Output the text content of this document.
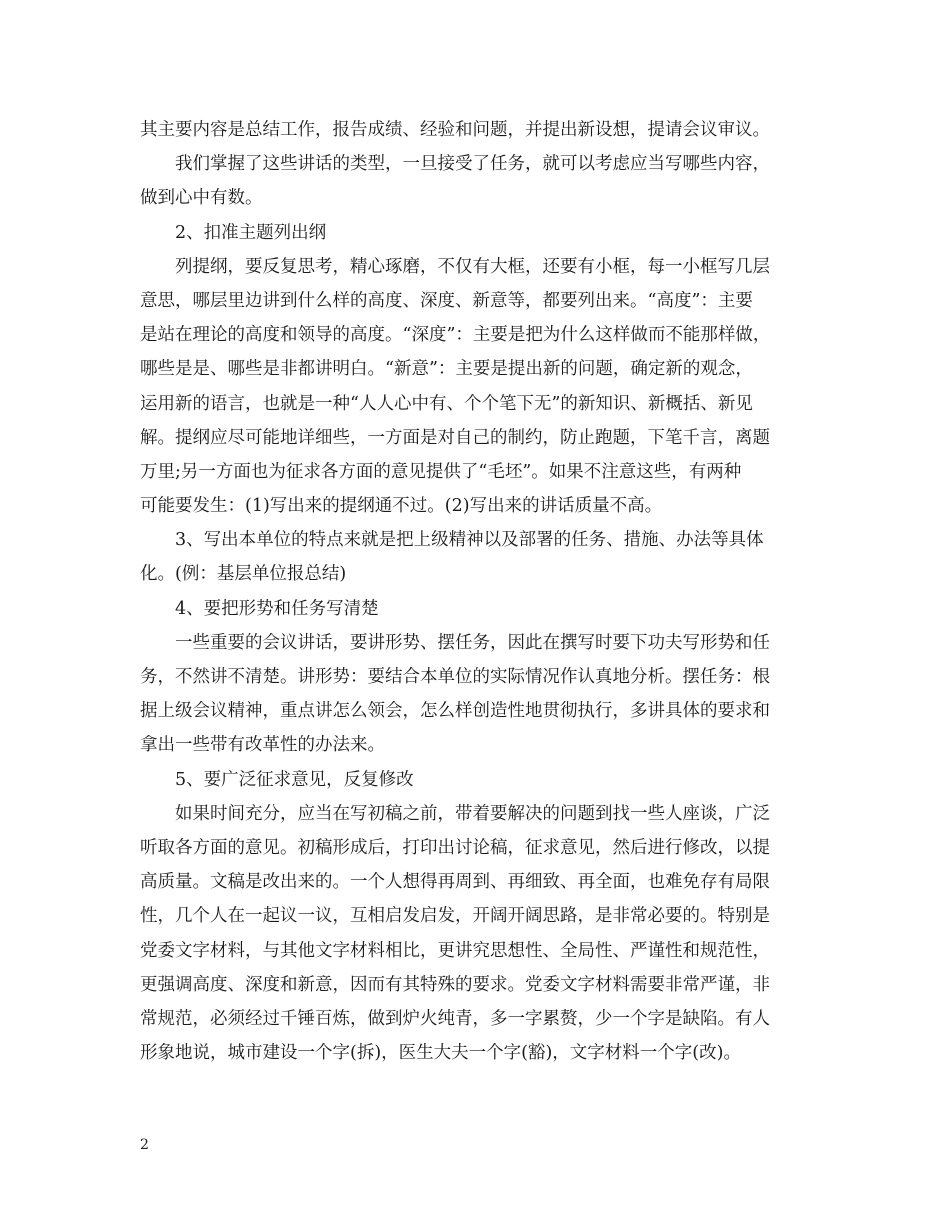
其主要内容是总结工作，报告成绩、经验和问题，并提出新设想，提请会议审议。
我们掌握了这些讲话的类型，一旦接受了任务，就可以考虑应当写哪些内容，
做到心中有数。
2、扣准主题列出纲
列提纲，要反复思考，精心琢磨，不仅有大框，还要有小框，每一小框写几层
意思，哪层里边讲到什么样的高度、深度、新意等，都要列出来。“高度”：主要
是站在理论的高度和领导的高度。“深度”：主要是把为什么这样做而不能那样做，
哪些是是、哪些是非都讲明白。“新意”：主要是提出新的问题，确定新的观念，
运用新的语言，也就是一种“人人心中有、个个笔下无”的新知识、新概括、新见
解。提纲应尽可能地详细些，一方面是对自己的制约，防止跑题，下笔千言，离题
万里;另一方面也为征求各方面的意见提供了“毛坯”。如果不注意这些，有两种
可能要发生：(1)写出来的提纲通不过。(2)写出来的讲话质量不高。
3、写出本单位的特点来就是把上级精神以及部署的任务、措施、办法等具体
化。(例：基层单位报总结)
4、要把形势和任务写清楚
一些重要的会议讲话，要讲形势、摆任务，因此在撰写时要下功夫写形势和任
务，不然讲不清楚。讲形势：要结合本单位的实际情况作认真地分析。摆任务：根
据上级会议精神，重点讲怎么领会，怎么样创造性地贯彻执行，多讲具体的要求和
拿出一些带有改革性的办法来。
5、要广泛征求意见，反复修改
如果时间充分，应当在写初稿之前，带着要解决的问题到找一些人座谈，广泛
听取各方面的意见。初稿形成后，打印出讨论稿，征求意见，然后进行修改，以提
高质量。文稿是改出来的。一个人想得再周到、再细致、再全面，也难免存有局限
性，几个人在一起议一议，互相启发启发，开阔开阔思路，是非常必要的。特别是
党委文字材料，与其他文字材料相比，更讲究思想性、全局性、严谨性和规范性，
更强调高度、深度和新意，因而有其特殊的要求。党委文字材料需要非常严谨，非
常规范，必须经过千锤百炼，做到炉火纯青，多一字累赘，少一个字是缺陷。有人
形象地说，城市建设一个字(拆)，医生大夫一个字(豁)，文字材料一个字(改)。
2
